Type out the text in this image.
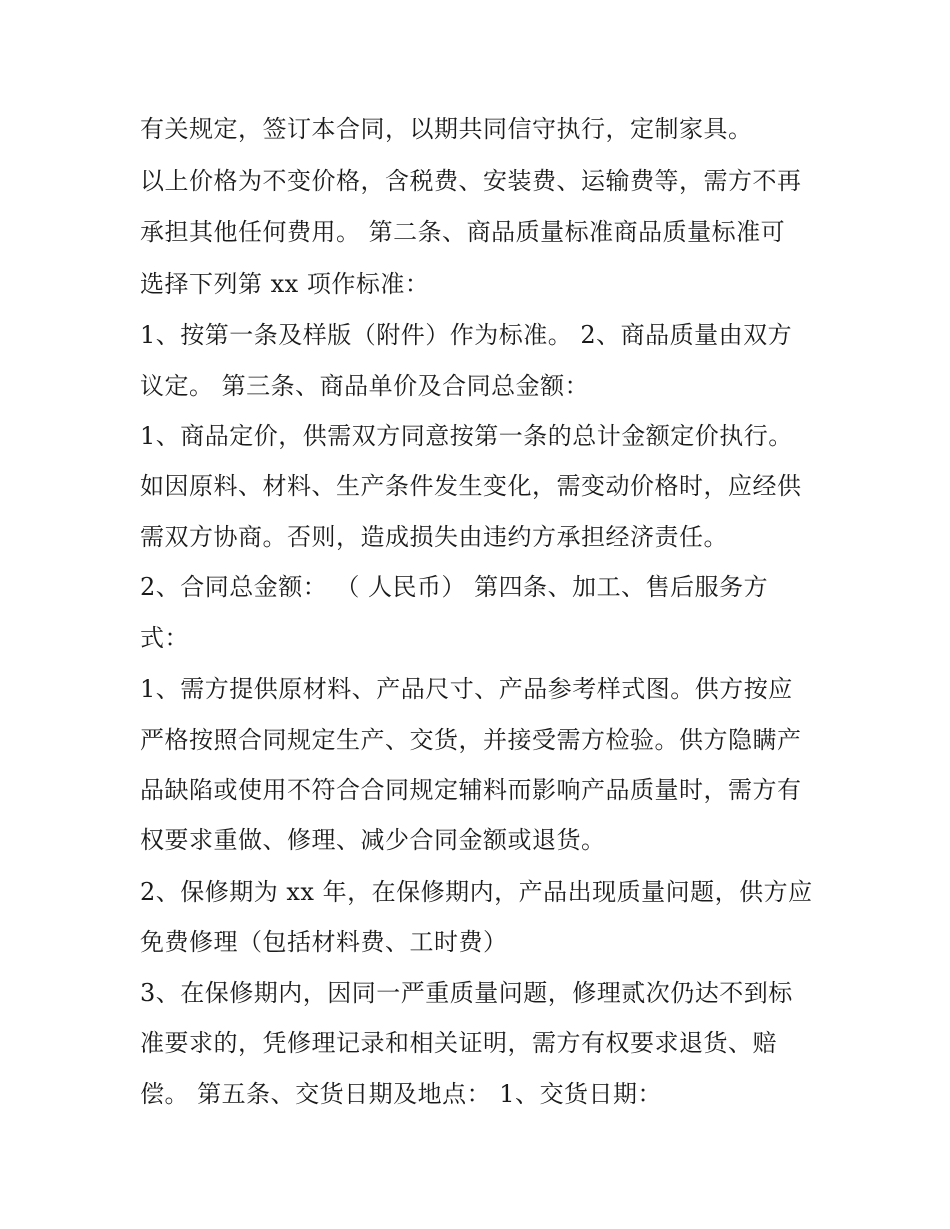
有关规定，签订本合同，以期共同信守执行，定制家具。
以上价格为不变价格，含税费、安装费、运输费等，需方不再
承担其他任何费用。 第二条、商品质量标准商品质量标准可
选择下列第 xx 项作标准：
1、按第一条及样版（附件）作为标准。 2、商品质量由双方
议定。 第三条、商品单价及合同总金额：
1、商品定价，供需双方同意按第一条的总计金额定价执行。
如因原料、材料、生产条件发生变化，需变动价格时，应经供
需双方协商。否则，造成损失由违约方承担经济责任。
2、合同总金额： （ 人民币） 第四条、加工、售后服务方
式：
1、需方提供原材料、产品尺寸、产品参考样式图。供方按应
严格按照合同规定生产、交货，并接受需方检验。供方隐瞒产
品缺陷或使用不符合合同规定辅料而影响产品质量时，需方有
权要求重做、修理、减少合同金额或退货。
2、保修期为 xx 年，在保修期内，产品出现质量问题，供方应
免费修理（包括材料费、工时费）
3、在保修期内，因同一严重质量问题，修理贰次仍达不到标
准要求的，凭修理记录和相关证明，需方有权要求退货、赔
偿。 第五条、交货日期及地点： 1、交货日期：
